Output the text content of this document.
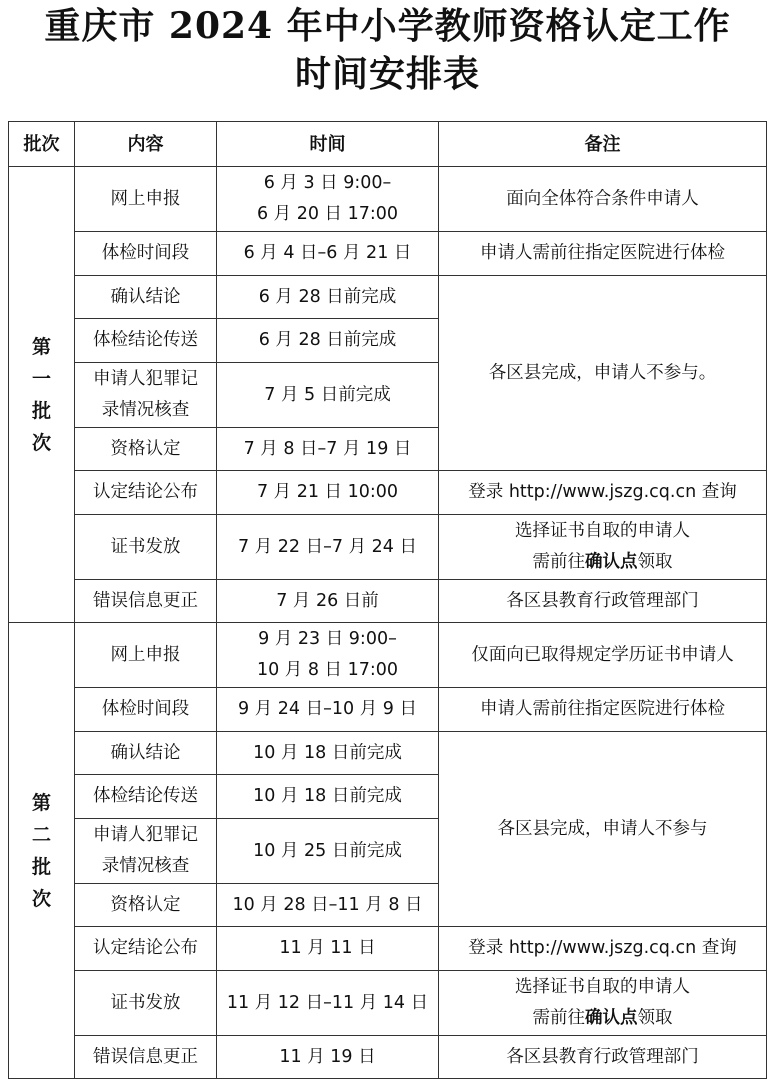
重庆市 2024 年中小学教师资格认定工作
时间安排表
批次	内容	时间	备注

第
一
批
次	网上申报	6 月 3 日 9:00–
6 月 20 日 17:00	面向全体符合条件申请人

	体检时间段	6 月 4 日–6 月 21 日	申请人需前往指定医院进行体检

	确认结论	6 月 28 日前完成	各区县完成，申请人不参与。

	体检结论传送	6 月 28 日前完成	

	申请人犯罪记
录情况核查	7 月 5 日前完成	

	资格认定	7 月 8 日–7 月 19 日	

	认定结论公布	7 月 21 日 10:00	登录 http://www.jszg.cq.cn 查询

	证书发放	7 月 22 日–7 月 24 日	选择证书自取的申请人
需前往确认点领取

	错误信息更正	7 月 26 日前	各区县教育行政管理部门

第
二
批
次	网上申报	9 月 23 日 9:00–
10 月 8 日 17:00	仅面向已取得规定学历证书申请人

	体检时间段	9 月 24 日–10 月 9 日	申请人需前往指定医院进行体检

	确认结论	10 月 18 日前完成	各区县完成，申请人不参与

	体检结论传送	10 月 18 日前完成	

	申请人犯罪记
录情况核查	10 月 25 日前完成	

	资格认定	10 月 28 日–11 月 8 日	

	认定结论公布	11 月 11 日	登录 http://www.jszg.cq.cn 查询

	证书发放	11 月 12 日–11 月 14 日	选择证书自取的申请人
需前往确认点领取

	错误信息更正	11 月 19 日	各区县教育行政管理部门
